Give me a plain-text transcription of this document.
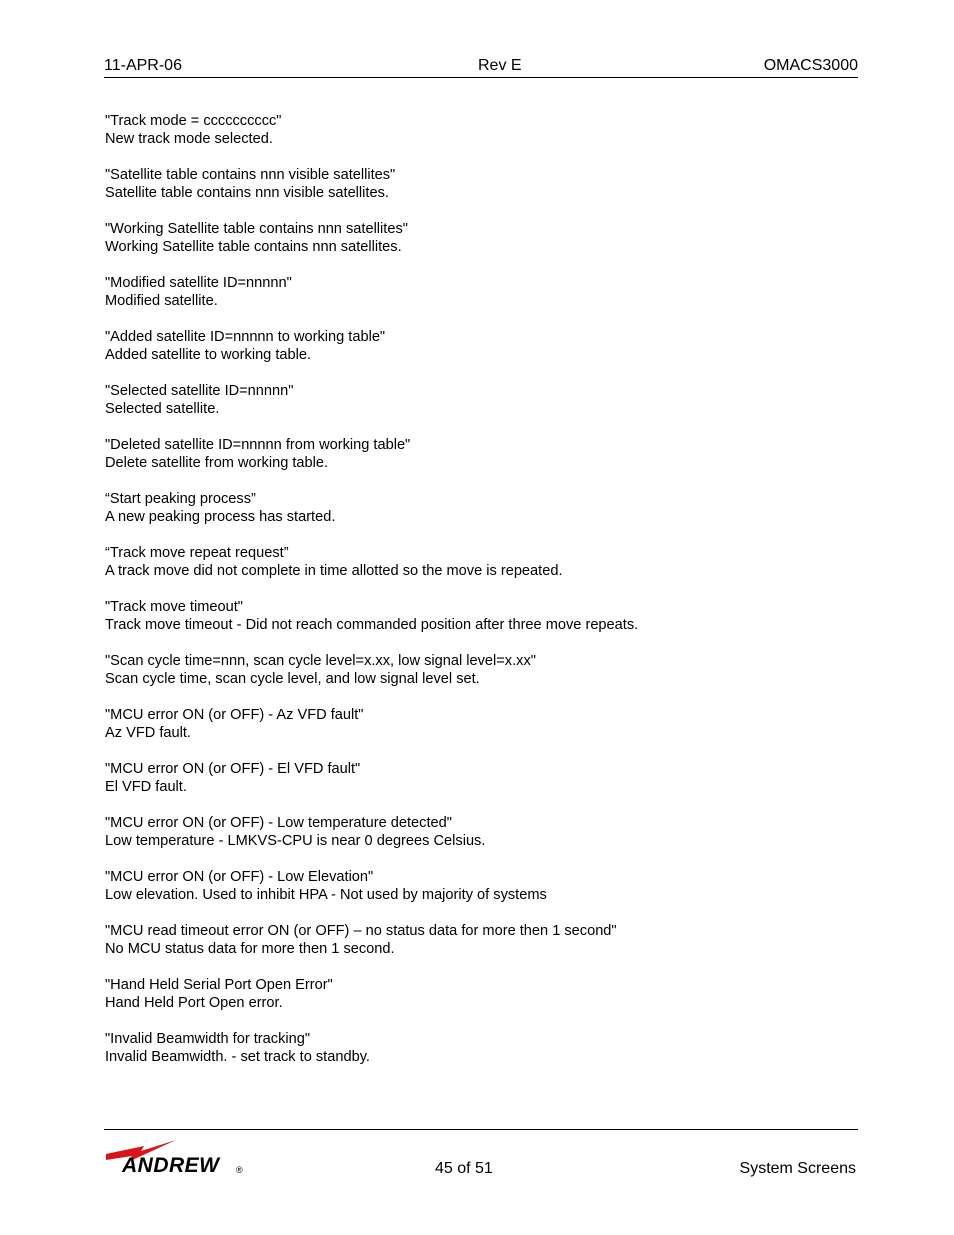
11-APR-06	Rev E	OMACS3000
"Track mode = cccccccccc"
New track mode selected.
"Satellite table contains nnn visible satellites"
Satellite table contains nnn visible satellites.
"Working Satellite table contains nnn satellites"
Working Satellite table contains nnn satellites.
"Modified satellite ID=nnnnn"
Modified satellite.
"Added satellite ID=nnnnn to working table"
Added satellite to working table.
"Selected satellite ID=nnnnn"
Selected satellite.
"Deleted satellite ID=nnnnn from working table"
Delete satellite from working table.
“Start peaking process”
A new peaking process has started.
“Track move repeat request”
A track move did not complete in time allotted so the move is repeated.
"Track move timeout"
Track move timeout - Did not reach commanded position after three move repeats.
"Scan cycle time=nnn, scan cycle level=x.xx, low signal level=x.xx"
Scan cycle time, scan cycle level, and low signal level set.
"MCU error ON (or OFF) - Az VFD fault"
Az VFD fault.
"MCU error ON (or OFF) - El VFD fault"
El VFD fault.
"MCU error ON (or OFF) - Low temperature detected"
Low temperature - LMKVS-CPU is near 0 degrees Celsius.
"MCU error ON (or OFF) - Low Elevation"
Low elevation. Used to inhibit HPA - Not used by majority of systems
"MCU read timeout error ON (or OFF) – no status data for more then 1 second"
No MCU status data for more then 1 second.
"Hand Held Serial Port Open Error"
Hand Held Port Open error.
"Invalid Beamwidth for tracking"
Invalid Beamwidth. - set track to standby.
ANDREW ®	45 of 51	System Screens
